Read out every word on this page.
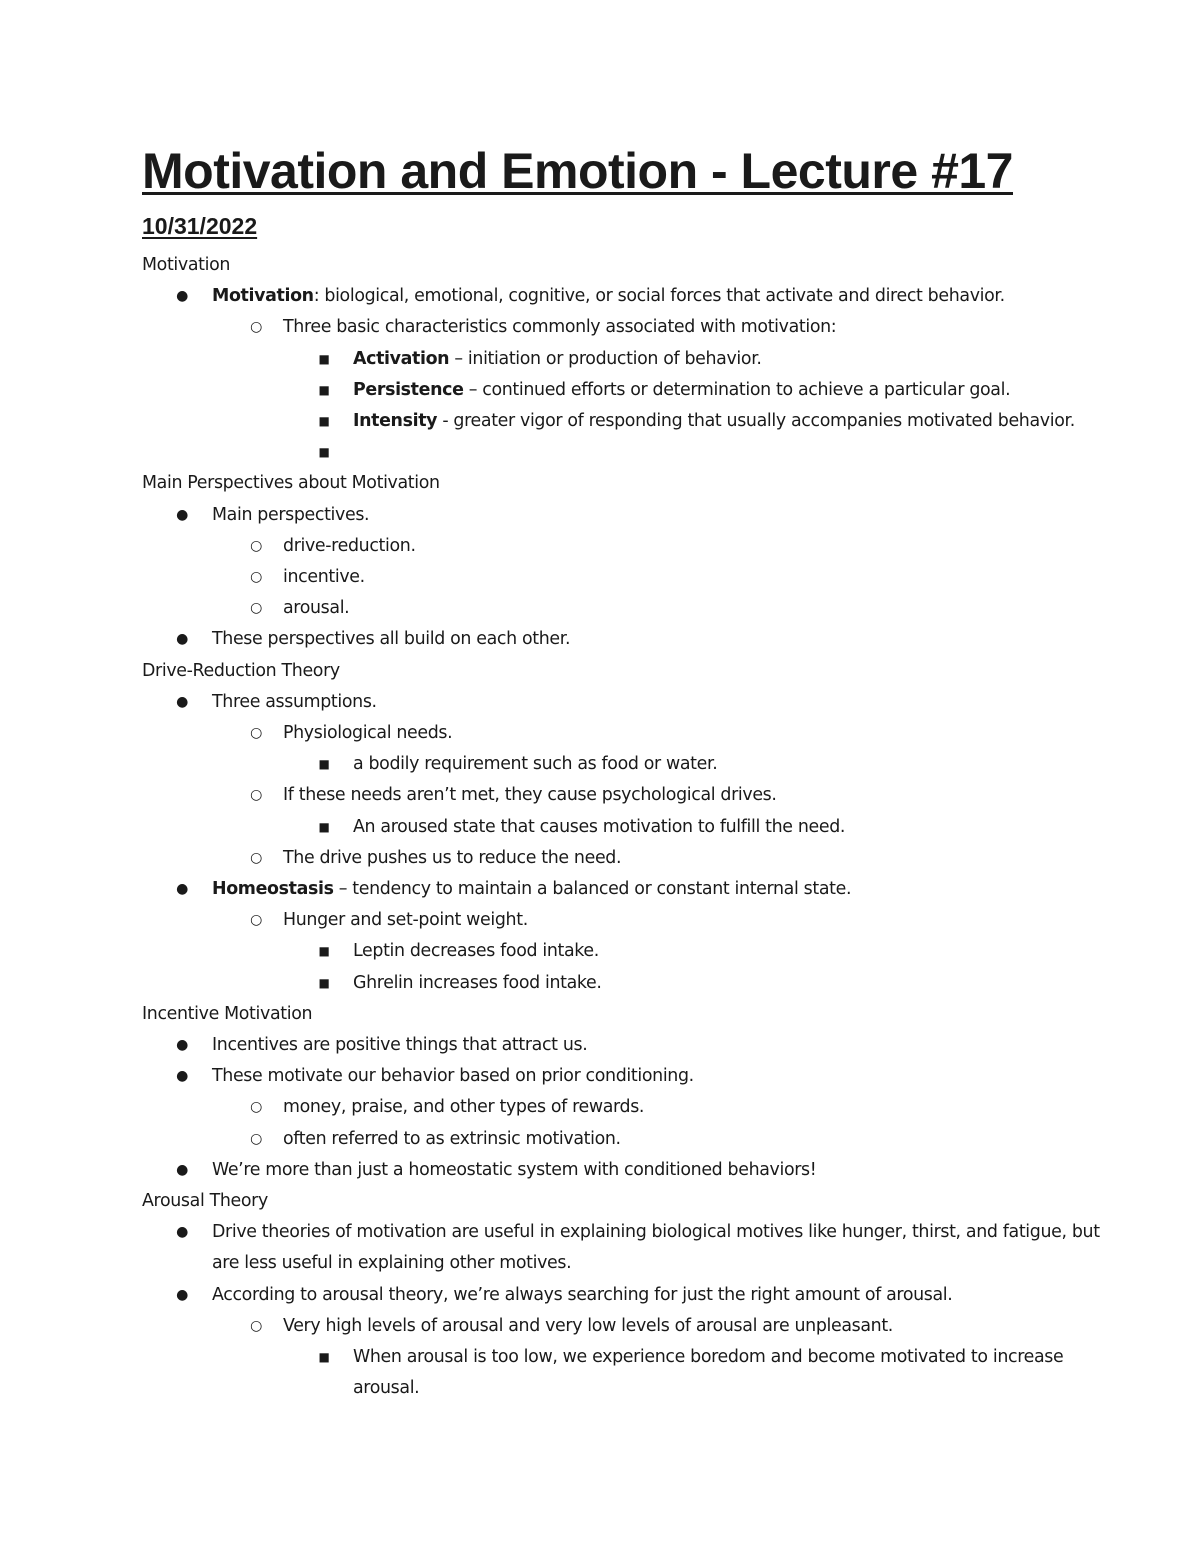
Motivation and Emotion - Lecture #17
10/31/2022
Motivation
● Motivation: biological, emotional, cognitive, or social forces that activate and direct behavior.
○ Three basic characteristics commonly associated with motivation:
■ Activation – initiation or production of behavior.
■ Persistence – continued efforts or determination to achieve a particular goal.
■ Intensity - greater vigor of responding that usually accompanies motivated behavior.
■
Main Perspectives about Motivation
● Main perspectives.
○ drive-reduction.
○ incentive.
○ arousal.
● These perspectives all build on each other.
Drive-Reduction Theory
● Three assumptions.
○ Physiological needs.
■ a bodily requirement such as food or water.
○ If these needs aren’t met, they cause psychological drives.
■ An aroused state that causes motivation to fulfill the need.
○ The drive pushes us to reduce the need.
● Homeostasis – tendency to maintain a balanced or constant internal state.
○ Hunger and set-point weight.
■ Leptin decreases food intake.
■ Ghrelin increases food intake.
Incentive Motivation
● Incentives are positive things that attract us.
● These motivate our behavior based on prior conditioning.
○ money, praise, and other types of rewards.
○ often referred to as extrinsic motivation.
● We’re more than just a homeostatic system with conditioned behaviors!
Arousal Theory
● Drive theories of motivation are useful in explaining biological motives like hunger, thirst, and fatigue, but
are less useful in explaining other motives.
● According to arousal theory, we’re always searching for just the right amount of arousal.
○ Very high levels of arousal and very low levels of arousal are unpleasant.
■ When arousal is too low, we experience boredom and become motivated to increase
arousal.
